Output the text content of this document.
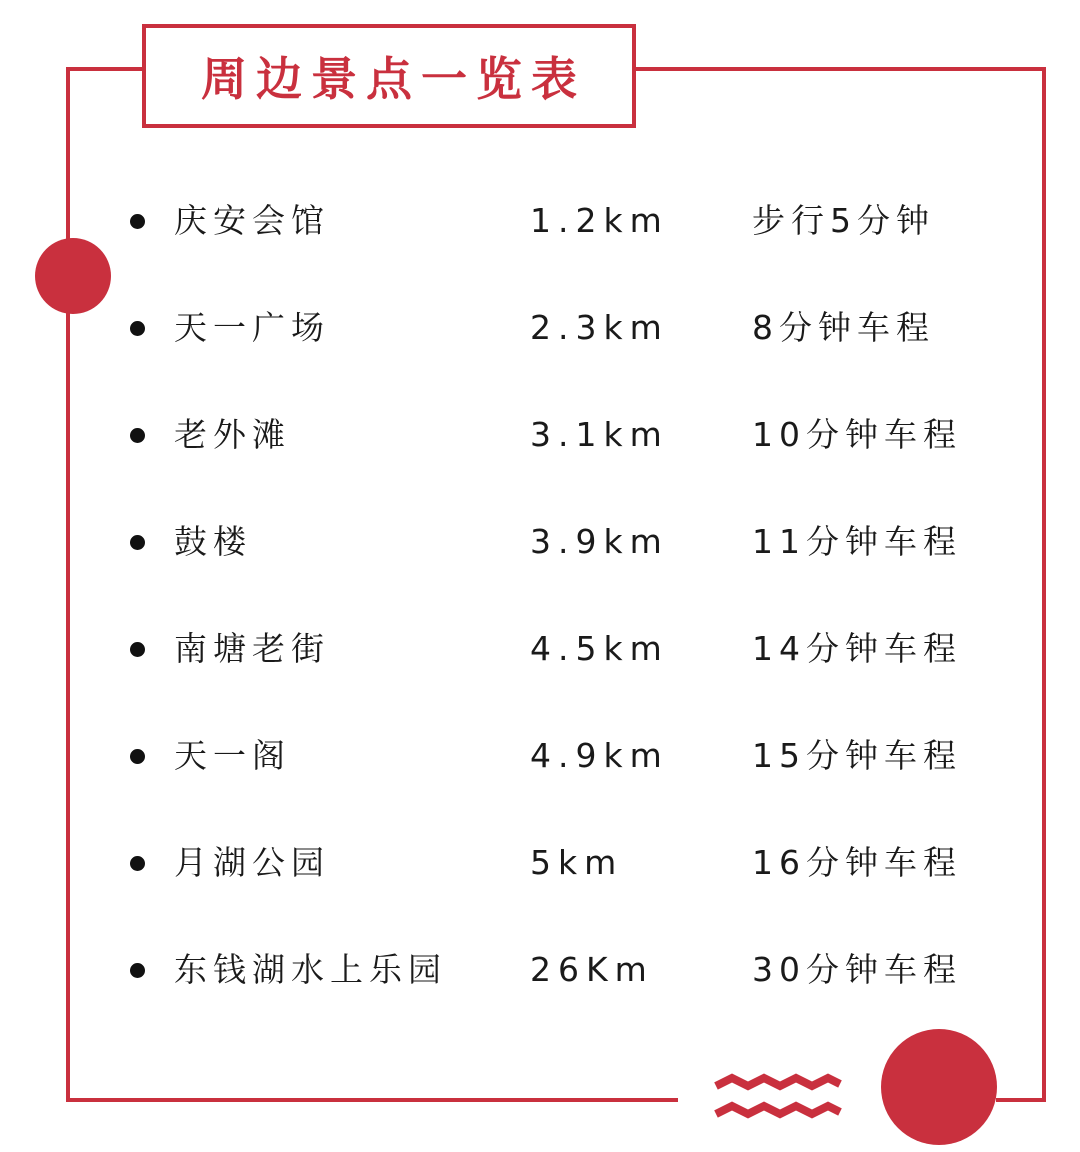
周边景点一览表
庆安会馆	1.2km	步行5分钟
天一广场	2.3km	8分钟车程
老外滩	3.1km	10分钟车程
鼓楼	3.9km	11分钟车程
南塘老街	4.5km	14分钟车程
天一阁	4.9km	15分钟车程
月湖公园	5km	16分钟车程
东钱湖水上乐园	26Km	30分钟车程
